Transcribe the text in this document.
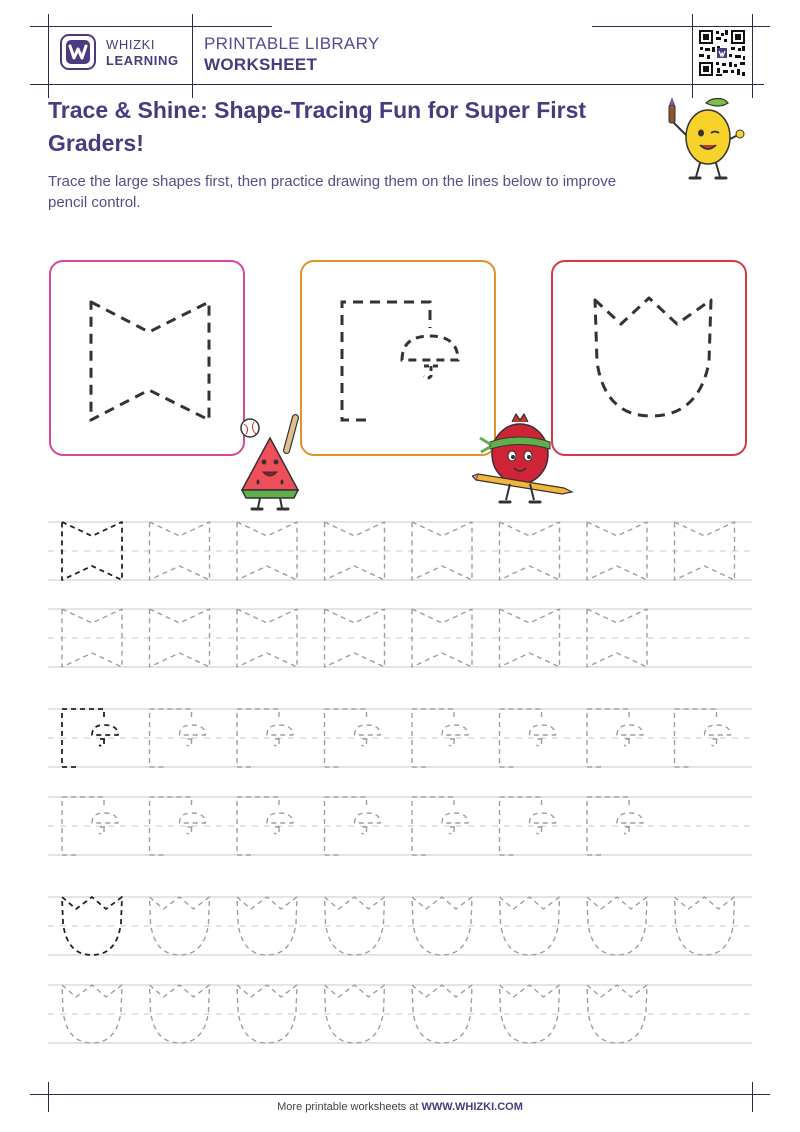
WHIZKI
LEARNING
PRINTABLE LIBRARY
WORKSHEET
Trace & Shine: Shape-Tracing Fun for Super First Graders!

Trace the large shapes first, then practice drawing them on the lines below to improve pencil control.

More printable worksheets at WWW.WHIZKI.COM
